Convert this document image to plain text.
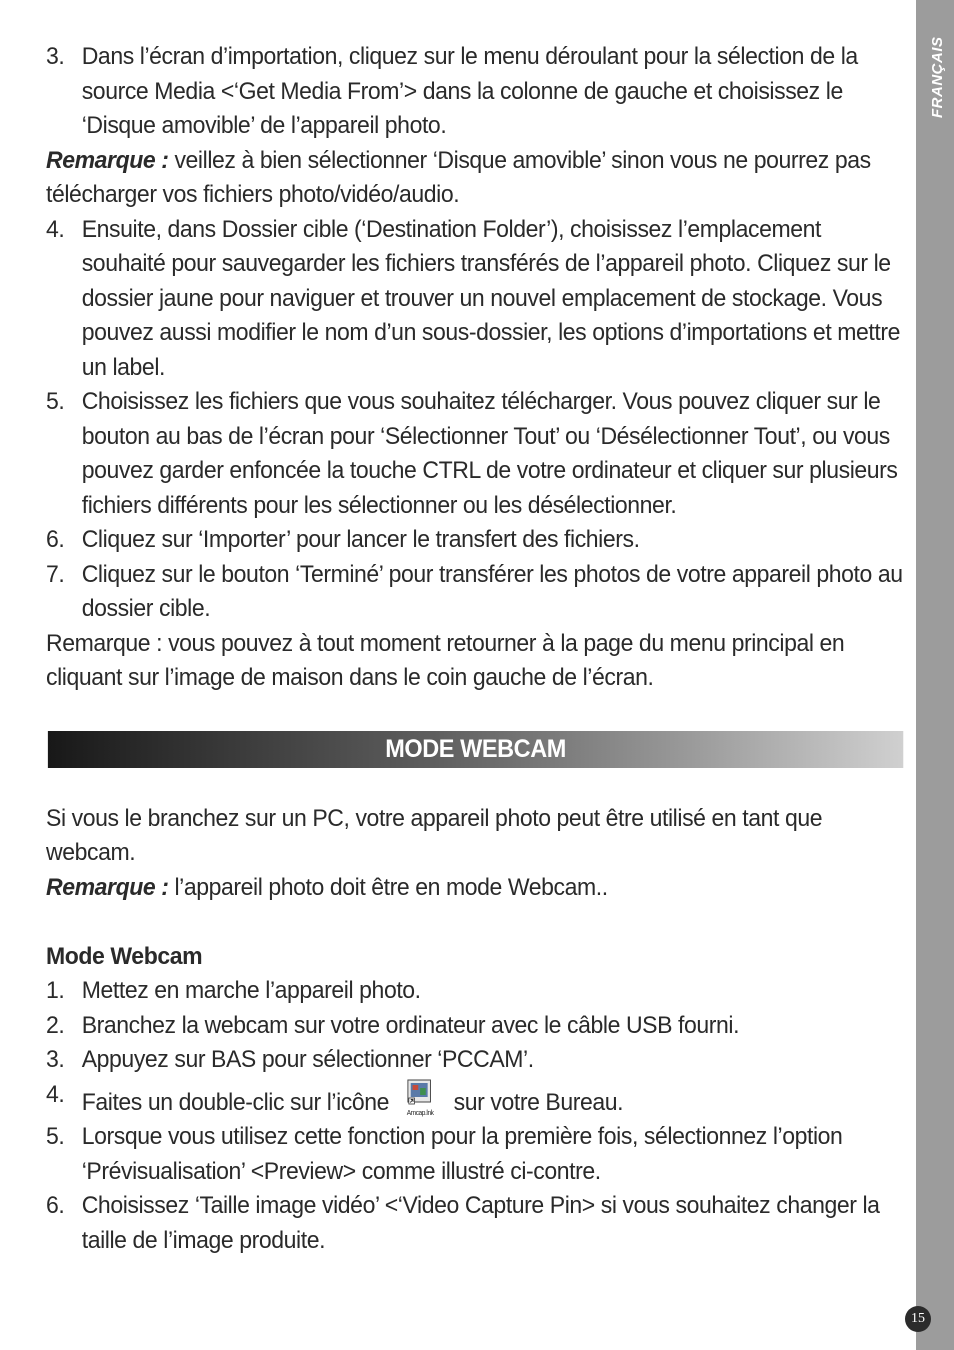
FRANÇAIS
3. Dans l’écran d’importation, cliquez sur le menu déroulant pour la sélection de la source Media <‘Get Media From’> dans la colonne de gauche et choisissez le ‘Disque amovible’ de l’appareil photo.
Remarque : veillez à bien sélectionner ‘Disque amovible’ sinon vous ne pourrez pas télécharger vos fichiers photo/vidéo/audio.
4. Ensuite, dans Dossier cible (‘Destination Folder’), choisissez l’emplacement souhaité pour sauvegarder les fichiers transférés de l’appareil photo. Cliquez sur le dossier jaune pour naviguer et trouver un nouvel emplacement de stockage. Vous pouvez aussi modifier le nom d’un sous-dossier, les options d’importations et mettre un label.
5. Choisissez les fichiers que vous souhaitez télécharger. Vous pouvez cliquer sur le bouton au bas de l’écran pour ‘Sélectionner Tout’ ou ‘Désélectionner Tout’, ou vous pouvez garder enfoncée la touche CTRL de votre ordinateur et cliquer sur plusieurs fichiers différents pour les sélectionner ou les désélectionner.
6. Cliquez sur ‘Importer’ pour lancer le transfert des fichiers.
7. Cliquez sur le bouton ‘Terminé’ pour transférer les photos de votre appareil photo au dossier cible.
Remarque : vous pouvez à tout moment retourner à la page du menu principal en cliquant sur l’image de maison dans le coin gauche de l’écran.
MODE WEBCAM
Si vous le branchez sur un PC, votre appareil photo peut être utilisé en tant que webcam.
Remarque : l’appareil photo doit être en mode Webcam..
Mode Webcam
1. Mettez en marche l’appareil photo.
2. Branchez la webcam sur votre ordinateur avec le câble USB fourni.
3. Appuyez sur BAS pour sélectionner ‘PCCAM’.
4. Faites un double-clic sur l’icône	Amcap.lnk sur votre Bureau.
5. Lorsque vous utilisez cette fonction pour la première fois, sélectionnez l’option ‘Prévisualisation’ <Preview> comme illustré ci-contre.
6. Choisissez ‘Taille image vidéo’ <‘Video Capture Pin> si vous souhaitez changer la taille de l’image produite.
15
